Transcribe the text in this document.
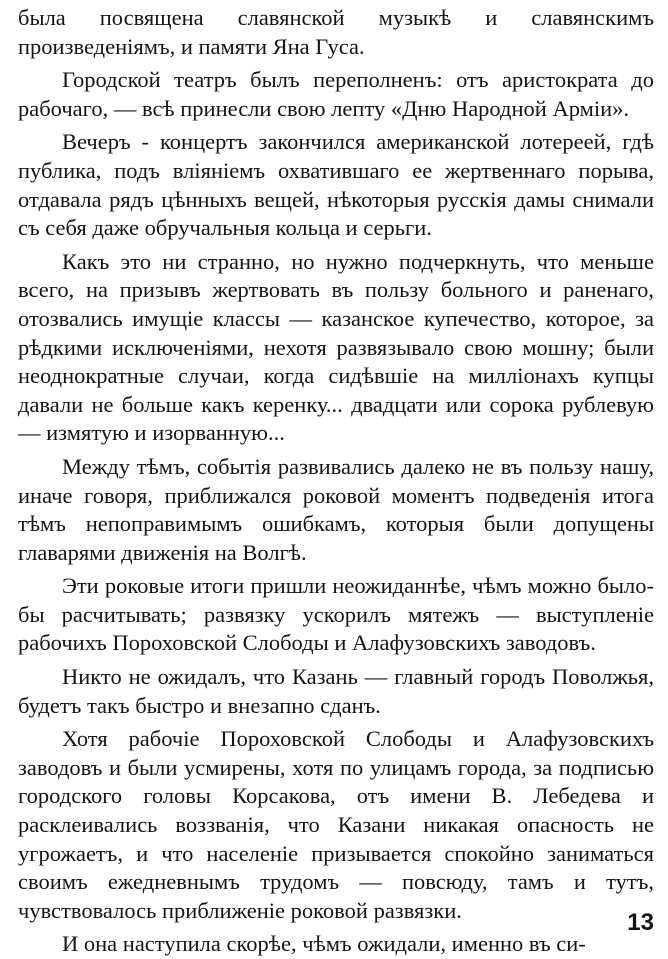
была посвящена славянской музыкѣ и славянскимъ произведеніямъ, и памяти Яна Гуса.

Городской театръ былъ переполненъ: отъ аристократа до рабочаго, — всѣ принесли свою лепту «Дню Народной Арміи».

Вечеръ - концертъ закончился американской лотереей, гдѣ публика, подъ вліяніемъ охватившаго ее жертвеннаго порыва, отдавала рядъ цѣнныхъ вещей, нѣкоторыя русскія дамы снимали съ себя даже обручальныя кольца и серьги.

Какъ это ни странно, но нужно подчеркнуть, что меньше всего, на призывъ жертвовать въ пользу больного и раненаго, отозвались имущіе классы — казанское купечество, которое, за рѣдкими исключеніями, нехотя развязывало свою мошну; были неоднократные случаи, когда сидѣвшіе на милліонахъ купцы давали не больше какъ керенку... двадцати или сорока рублевую — измятую и изорванную...

Между тѣмъ, событія развивались далеко не въ пользу нашу, иначе говоря, приближался роковой моментъ подведенія итога тѣмъ непоправимымъ ошибкамъ, которыя были допущены главарями движенія на Волгѣ.

Эти роковые итоги пришли неожиданнѣе, чѣмъ можно было-бы расчитывать; развязку ускорилъ мятежъ — выступленіе рабочихъ Пороховской Слободы и Алафузовскихъ заводовъ.

Никто не ожидалъ, что Казань — главный городъ Поволжья, будетъ такъ быстро и внезапно сданъ.

Хотя рабочіе Пороховской Слободы и Алафузовскихъ заводовъ и были усмирены, хотя по улицамъ города, за подписью городского головы Корсакова, отъ имени В. Лебедева и расклеивались воззванія, что Казани никакая опасность не угрожаетъ, и что населеніе призывается спокойно заниматься своимъ ежедневнымъ трудомъ — повсюду, тамъ и тутъ, чувствовалось приближеніе роковой развязки.

И она наступила скорѣе, чѣмъ ожидали, именно въ си-

13
